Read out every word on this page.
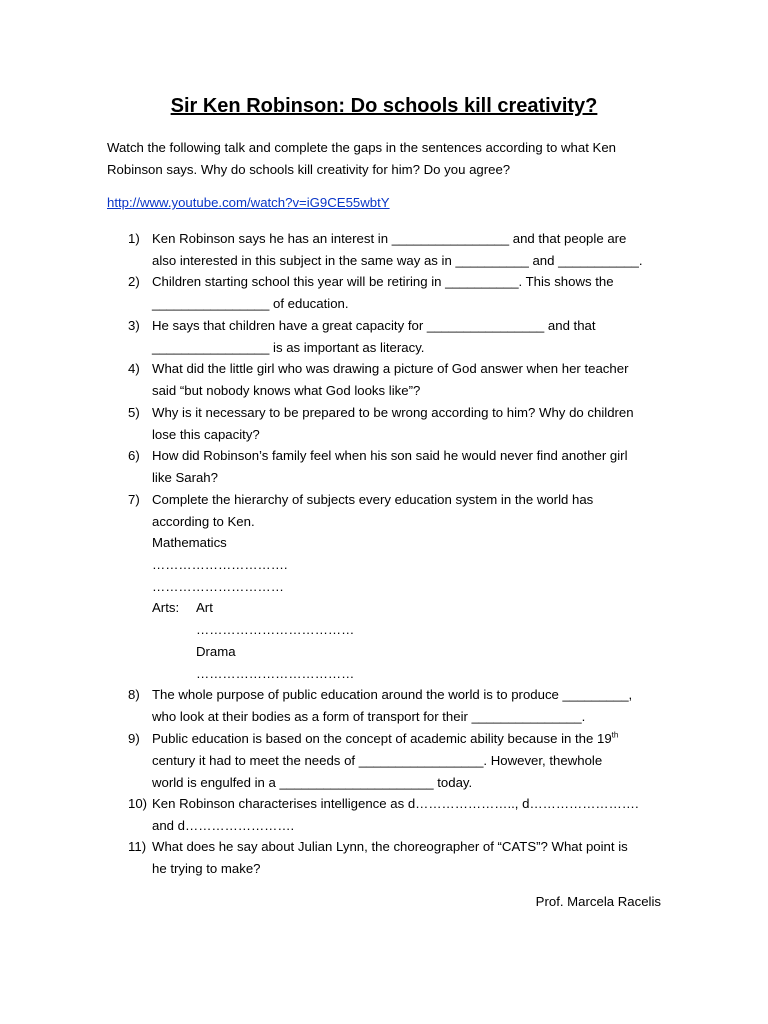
Sir Ken Robinson: Do schools kill creativity?
Watch the following talk and complete the gaps in the sentences according to what Ken
Robinson says. Why do schools kill creativity for him? Do you agree?
http://www.youtube.com/watch?v=iG9CE55wbtY
1) Ken Robinson says he has an interest in ________________ and that people are
also interested in this subject in the same way as in __________ and ___________.
2) Children starting school this year will be retiring in __________. This shows the
________________ of education.
3) He says that children have a great capacity for ________________ and that
________________ is as important as literacy.
4) What did the little girl who was drawing a picture of God answer when her teacher
said “but nobody knows what God looks like”?
5) Why is it necessary to be prepared to be wrong according to him? Why do children
lose this capacity?
6) How did Robinson’s family feel when his son said he would never find another girl
like Sarah?
7) Complete the hierarchy of subjects every education system in the world has
according to Ken.
Mathematics
………………………….
…………………………
Arts: Art
………………………………
Drama
………………………………
8) The whole purpose of public education around the world is to produce _________,
who look at their bodies as a form of transport for their _______________.
9) Public education is based on the concept of academic ability because in the 19th
century it had to meet the needs of _________________. However, thewhole
world is engulfed in a _____________________ today.
10) Ken Robinson characterises intelligence as d………………….., d…………………….
and d…………………….
11) What does he say about Julian Lynn, the choreographer of “CATS”? What point is
he trying to make?
Prof. Marcela Racelis
